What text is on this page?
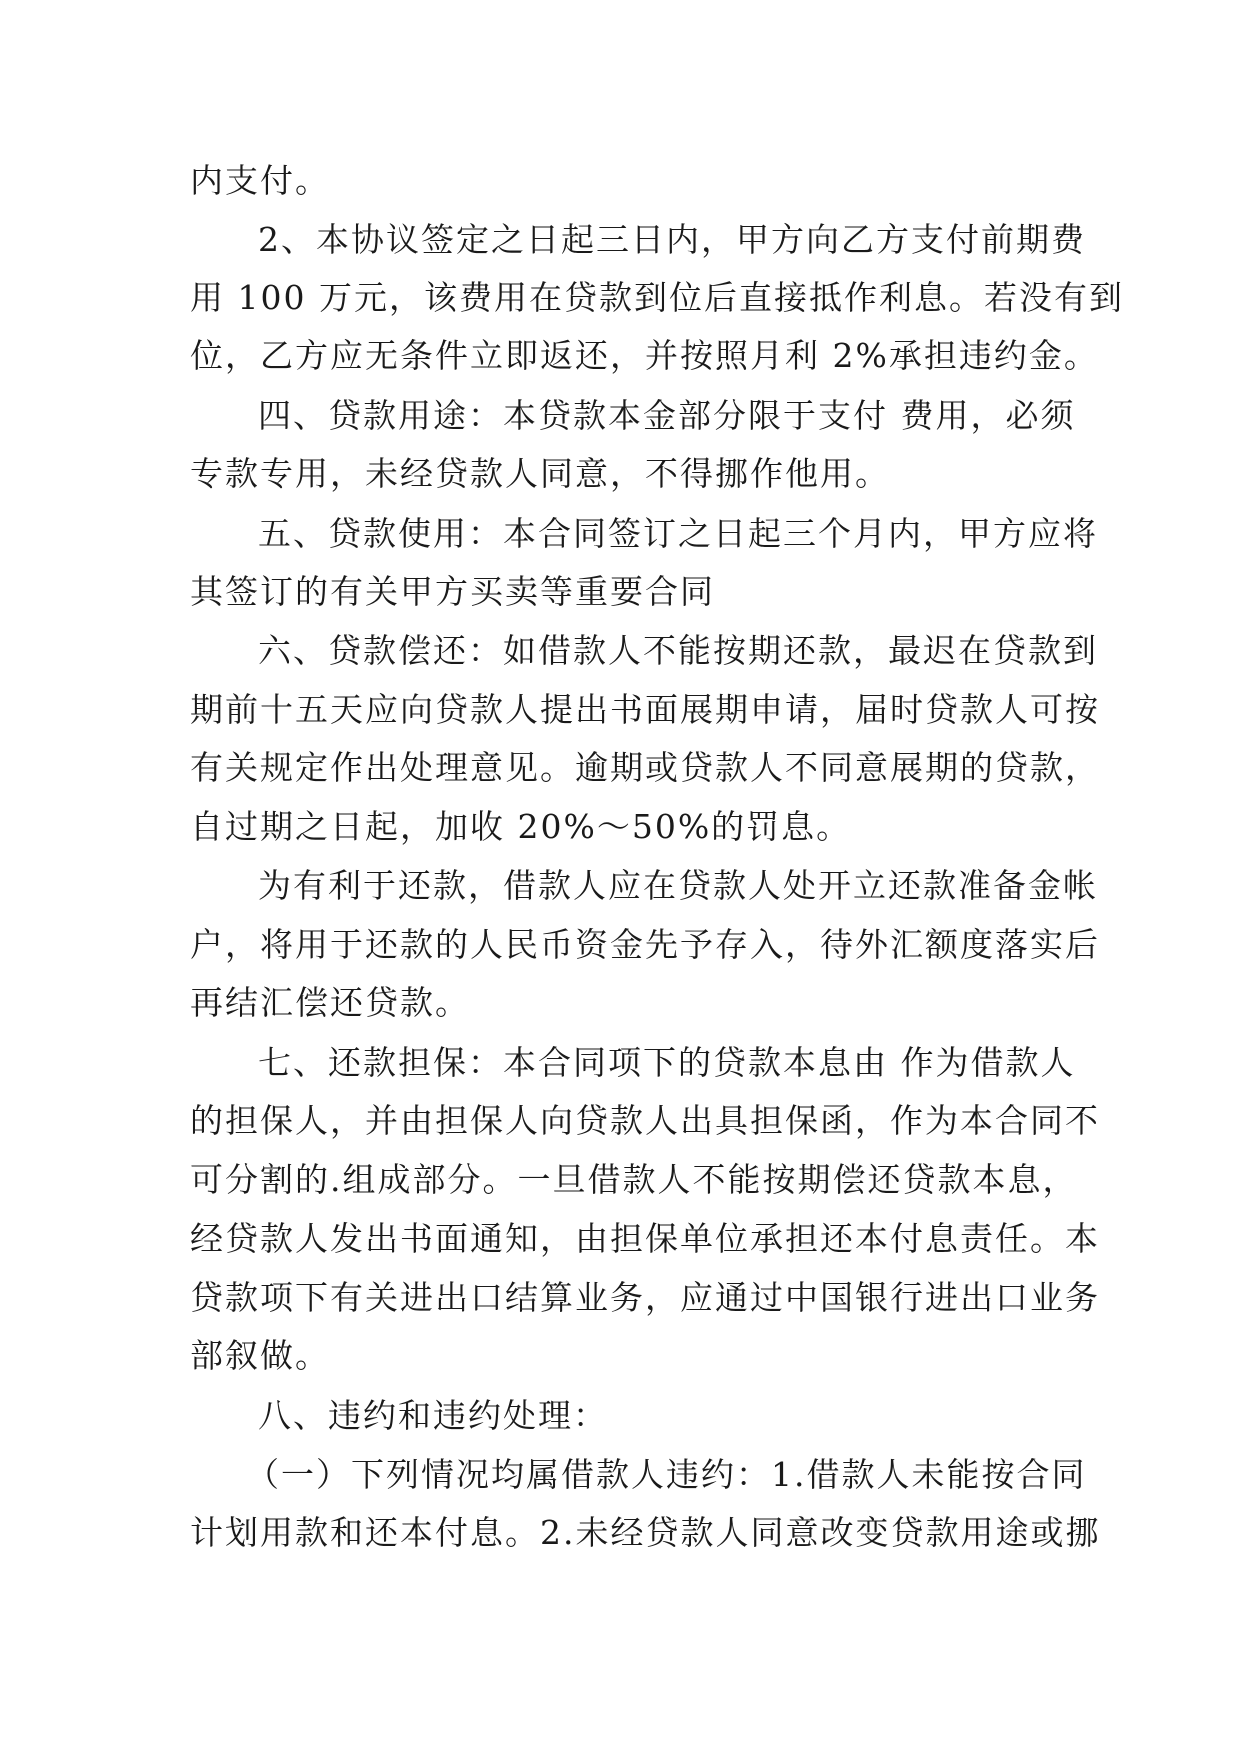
内支付。
2、本协议签定之日起三日内，甲方向乙方支付前期费
用 100 万元，该费用在贷款到位后直接抵作利息。若没有到
位，乙方应无条件立即返还，并按照月利 2%承担违约金。
四、贷款用途：本贷款本金部分限于支付 费用，必须
专款专用，未经贷款人同意，不得挪作他用。
五、贷款使用：本合同签订之日起三个月内，甲方应将
其签订的有关甲方买卖等重要合同
六、贷款偿还：如借款人不能按期还款，最迟在贷款到
期前十五天应向贷款人提出书面展期申请，届时贷款人可按
有关规定作出处理意见。逾期或贷款人不同意展期的贷款，
自过期之日起，加收 20%～50%的罚息。
为有利于还款，借款人应在贷款人处开立还款准备金帐
户，将用于还款的人民币资金先予存入，待外汇额度落实后
再结汇偿还贷款。
七、还款担保：本合同项下的贷款本息由 作为借款人
的担保人，并由担保人向贷款人出具担保函，作为本合同不
可分割的.组成部分。一旦借款人不能按期偿还贷款本息，
经贷款人发出书面通知，由担保单位承担还本付息责任。本
贷款项下有关进出口结算业务，应通过中国银行进出口业务
部叙做。
八、违约和违约处理：
（一）下列情况均属借款人违约：1.借款人未能按合同
计划用款和还本付息。2.未经贷款人同意改变贷款用途或挪
